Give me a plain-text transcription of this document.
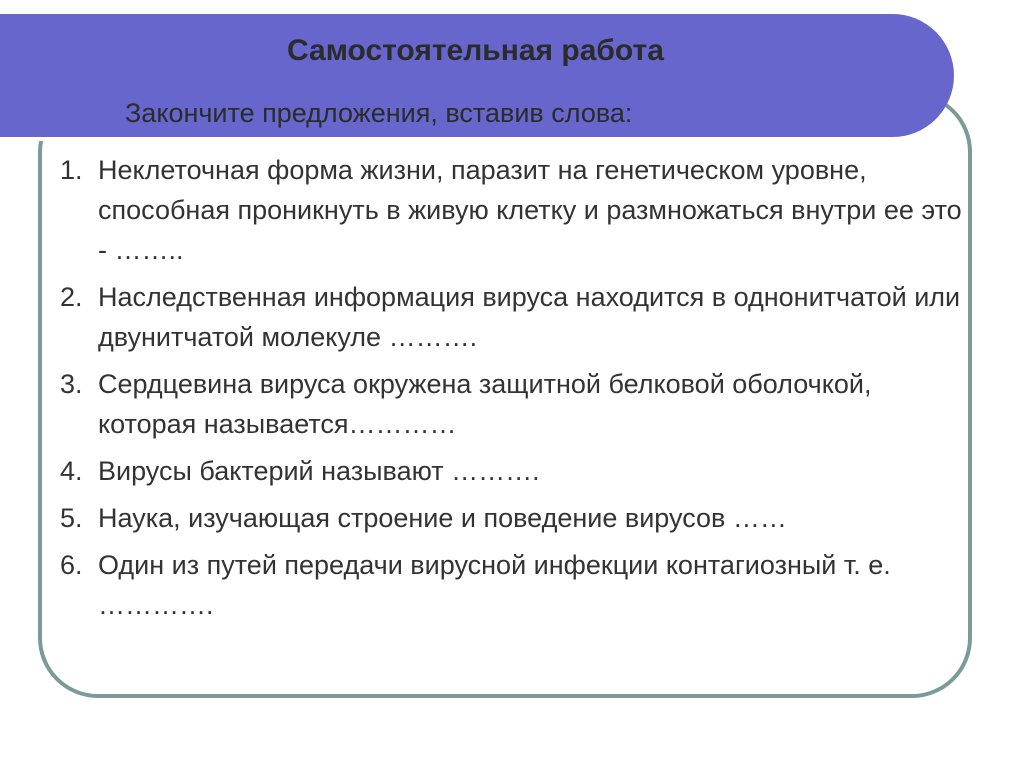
Самостоятельная работа
Закончите предложения, вставив слова:
1. Неклеточная форма жизни, паразит на генетическом уровне, способная проникнуть в живую клетку и размножаться внутри ее это - ……..
2. Наследственная информация вируса находится в однонитчатой или двунитчатой молекуле ……….
3. Сердцевина вируса окружена защитной белковой оболочкой, которая называется…………
4. Вирусы бактерий называют ……….
5. Наука, изучающая строение и поведение вирусов ……
6. Один из путей передачи вирусной инфекции контагиозный т. е. ………….
